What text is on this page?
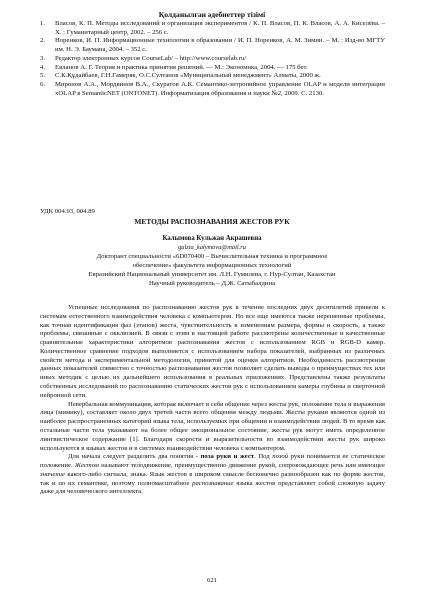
Қолданылған әдебиеттер тізімі
1.	Власов, К. П. Методы исследований и организация экспериментов / К. П. Власов, П. К. Власов, А. А. Киселёва. – Х. : Гуманитарный центр, 2002. – 256 с.
2.	Норенков, И. П. Информационные технологии в образовании / И. П. Норенков, А. М. Зимин. – М. : Изд-во МГТУ им. Н. Э. Баумана, 2004. – 352 с.
3.	Редактор электронных курсов CourseLab/ – http://www.courselab.ru/
4.	Евланов А. Г. Теория и практика принятия решений. — М.: Экономика, 2004. — 175 бет.
5.	С.К.Құдайбаев, Г.Н.Гамеряк, О.С.Султанов «Муниципальный менеджмент» Алматы, 2000 ж.
6.	Миронов А.А., Мордвинов В.А., Скуратов А.К. Семантико-энтропийное управление OLAP и модели интеграции xOLAP в SemanticNET (ONTONET). Информатизация образования и науки №2, 2009. С. 2130.
УДК 004.93, 004.89
МЕТОДЫ РАСПОЗНАВАНИЯ ЖЕСТОВ РУК
Калымова Кульжан Акрашевна
gulzia_kalymova@mail.ru
Докторант специальности «6D070400 – Вычислительная техника и программное
обеспечение» факультета информационных технологий
Евразийский Национальный университет им. Л.Н. Гумилева, г. Нур-Султан, Казахстан
Научный руководитель – Д.Ж. Сатыбалдина

Успешные исследования по распознаванию жестов рук в течение последних двух десятилетий привели к системам естественного взаимодействия человека с компьютером. Но все еще имеются также нерешенные проблемы, как точная идентификация фаз (этапов) жеста, чувствительность к изменениям размера, формы и скорость, а также проблемы, связанные с окклюзией. В связи с этим в настоящей работе рассмотрены количественные и качественные сравнительные характеристики алгоритмов распознавания жестов с использованием RGB и RGB-D камер. Количественное сравнение подходов выполняется с использованием набора показателей, выбранных из различных свойств метода и экспериментальной методологии, принятой для оценки алгоритмов. Необходимость рассмотрения данных показателей совместно с точностью распознавания жестов позволяет сделать выводы о преимуществах тех или иных методик с целью их дальнейшего использования в реальных приложениях. Представлены также результаты собственных исследований по распознаванию статических жестов рук с использованием камеры глубины и сверточной нейронной сети.

Невербальная коммуникация, которая включает в себя общение через жесты рук, положение тела и выражения лица (мимику), составляет около двух третей части всего общения между людьми. Жесты руками являются одной из наиболее распространенных категорий языка тела, используемых при общении и взаимодействии людей. В то время как остальные части тела указывают на более общее эмоциональное состояние, жесты рук могут иметь определенное лингвистическое содержание [1]. Благодаря скорости и выразительности во взаимодействии жесты рук широко используются в языках жестов и в системах взаимодействия человека с компьютером.

Для начала следует разделить два понятия - поза руки и жест. Под позой руки понимается ее статическое положение. Жестом называют телодвижение, преимущественно движение рукой, сопровождающее речь или имеющее значение какого-либо сигнала, знака. Язык жестов в широком смысле бесконечно разнообразен как по форме жестов, так и по их семантике, поэтому полномасштабное распознавание языка жестов представляет собой сложную задачу даже для человеческого интеллекта.

621
